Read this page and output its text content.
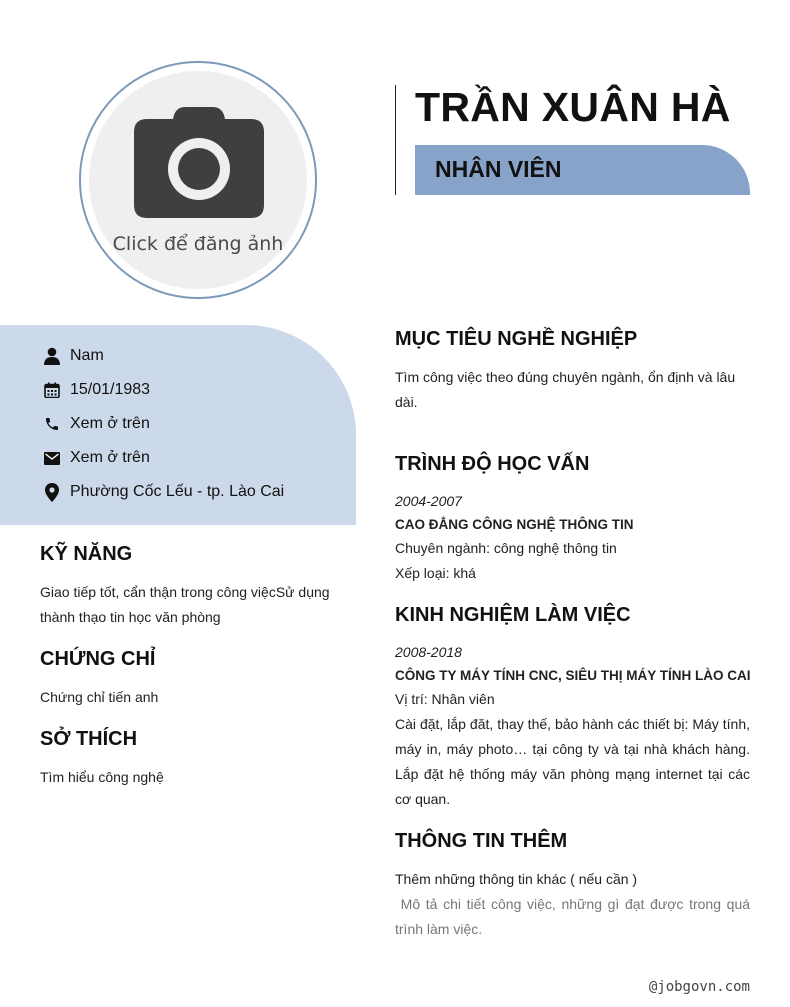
Click để đăng ảnh
TRẦN XUÂN HÀ
NHÂN VIÊN
Nam
15/01/1983
Xem ở trên
Xem ở trên
Phường Cốc Lếu - tp. Lào Cai
KỸ NĂNG
Giao tiếp tốt, cẩn thận trong công việcSử dụng thành thạo tin học văn phòng
CHỨNG CHỈ
Chứng chỉ tiến anh
SỞ THÍCH
Tìm hiểu công nghệ
MỤC TIÊU NGHỀ NGHIỆP
Tìm công việc theo đúng chuyên ngành, ổn định và lâu dài.
TRÌNH ĐỘ HỌC VẤN
2004-2007
CAO ĐẲNG CÔNG NGHỆ THÔNG TIN
Chuyên ngành: công nghệ thông tin
Xếp loại: khá
KINH NGHIỆM LÀM VIỆC
2008-2018
CÔNG TY MÁY TÍNH CNC, SIÊU THỊ MÁY TÍNH LÀO CAI
Vị trí: Nhân viên
Cài đặt, lắp đăt, thay thế, bảo hành các thiết bị: Máy tính, máy in, máy photo… tại công ty và tại nhà khách hàng. Lắp đặt hệ thống máy văn phòng mạng internet tại các cơ quan.
THÔNG TIN THÊM
Thêm những thông tin khác ( nếu cần )
Mô tả chi tiết công việc, những gì đạt được trong quá trình làm việc.
@jobgovn.com
